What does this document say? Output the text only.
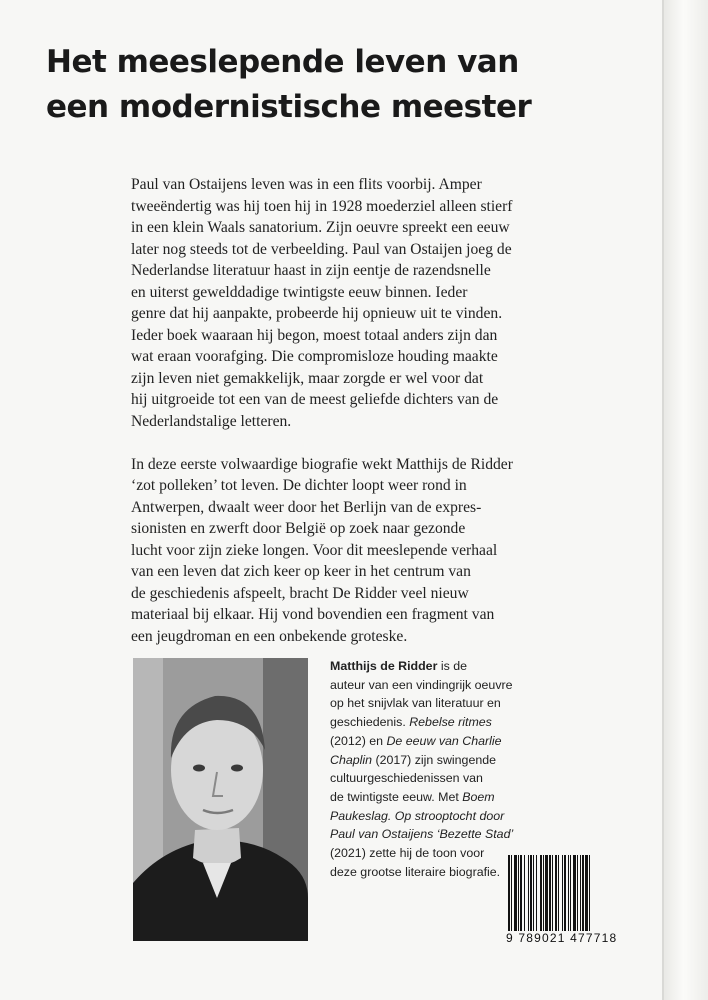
Het meeslepende leven van
een modernistische meester

Paul van Ostaijens leven was in een flits voorbij. Amper
tweeëndertig was hij toen hij in 1928 moederziel alleen stierf
in een klein Waals sanatorium. Zijn oeuvre spreekt een eeuw
later nog steeds tot de verbeelding. Paul van Ostaijen joeg de
Nederlandse literatuur haast in zijn eentje de razendsnelle
en uiterst gewelddadige twintigste eeuw binnen. Ieder
genre dat hij aanpakte, probeerde hij opnieuw uit te vinden.
Ieder boek waaraan hij begon, moest totaal anders zijn dan
wat eraan voorafging. Die compromisloze houding maakte
zijn leven niet gemakkelijk, maar zorgde er wel voor dat
hij uitgroeide tot een van de meest geliefde dichters van de
Nederlandstalige letteren.

In deze eerste volwaardige biografie wekt Matthijs de Ridder
‘zot polleken’ tot leven. De dichter loopt weer rond in
Antwerpen, dwaalt weer door het Berlijn van de expres-
sionisten en zwerft door België op zoek naar gezonde
lucht voor zijn zieke longen. Voor dit meeslepende verhaal
van een leven dat zich keer op keer in het centrum van
de geschiedenis afspeelt, bracht De Ridder veel nieuw
materiaal bij elkaar. Hij vond bovendien een fragment van
een jeugdroman en een onbekende groteske.

Matthijs de Ridder is de
auteur van een vindingrijk oeuvre
op het snijvlak van literatuur en
geschiedenis. Rebelse ritmes
(2012) en De eeuw van Charlie
Chaplin (2017) zijn swingende
cultuurgeschiedenissen van
de twintigste eeuw. Met Boem
Paukeslag. Op strooptocht door
Paul van Ostaijens ‘Bezette Stad’
(2021) zette hij de toon voor
deze grootse literaire biografie.
9 789021 477718
